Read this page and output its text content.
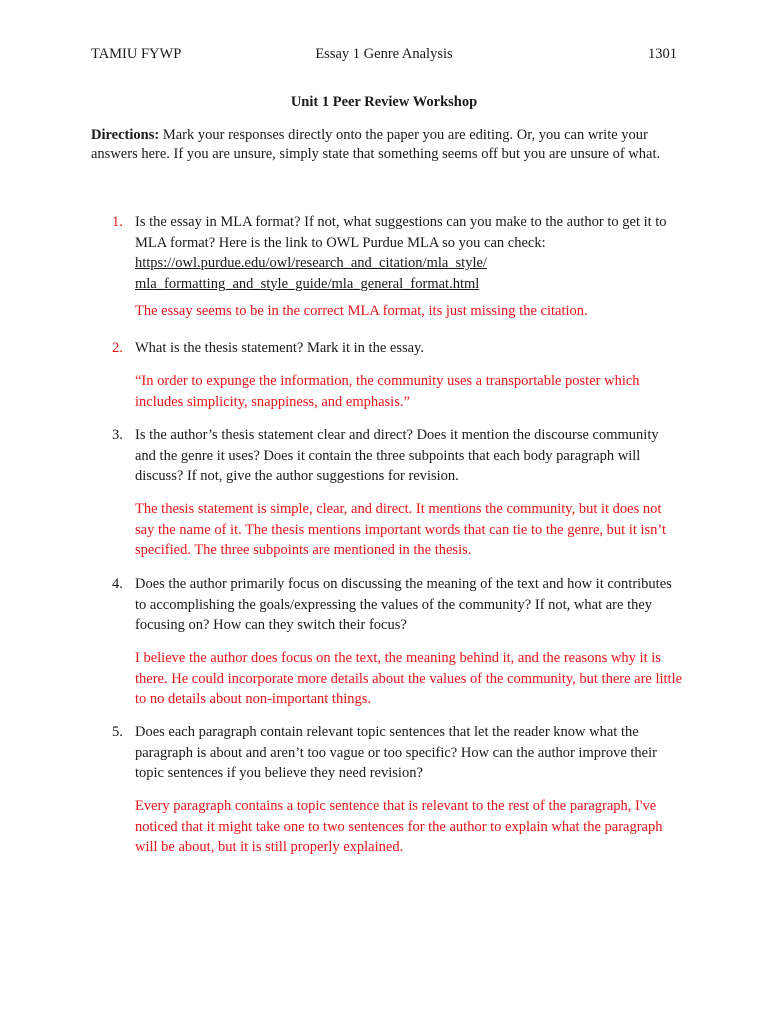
TAMIU FYWP	Essay 1 Genre Analysis	1301
Unit 1 Peer Review Workshop
Directions: Mark your responses directly onto the paper you are editing. Or, you can write your answers here. If you are unsure, simply state that something seems off but you are unsure of what.
1. Is the essay in MLA format? If not, what suggestions can you make to the author to get it to MLA format? Here is the link to OWL Purdue MLA so you can check:
https://owl.purdue.edu/owl/research_and_citation/mla_style/
mla_formatting_and_style_guide/mla_general_format.html
The essay seems to be in the correct MLA format, its just missing the citation.
2. What is the thesis statement? Mark it in the essay.
“In order to expunge the information, the community uses a transportable poster which includes simplicity, snappiness, and emphasis.”
3. Is the author’s thesis statement clear and direct? Does it mention the discourse community and the genre it uses? Does it contain the three subpoints that each body paragraph will discuss? If not, give the author suggestions for revision.
The thesis statement is simple, clear, and direct. It mentions the community, but it does not say the name of it. The thesis mentions important words that can tie to the genre, but it isn’t specified. The three subpoints are mentioned in the thesis.
4. Does the author primarily focus on discussing the meaning of the text and how it contributes to accomplishing the goals/expressing the values of the community? If not, what are they focusing on? How can they switch their focus?
I believe the author does focus on the text, the meaning behind it, and the reasons why it is there. He could incorporate more details about the values of the community, but there are little to no details about non-important things.
5. Does each paragraph contain relevant topic sentences that let the reader know what the paragraph is about and aren’t too vague or too specific? How can the author improve their topic sentences if you believe they need revision?
Every paragraph contains a topic sentence that is relevant to the rest of the paragraph, I've noticed that it might take one to two sentences for the author to explain what the paragraph will be about, but it is still properly explained.
